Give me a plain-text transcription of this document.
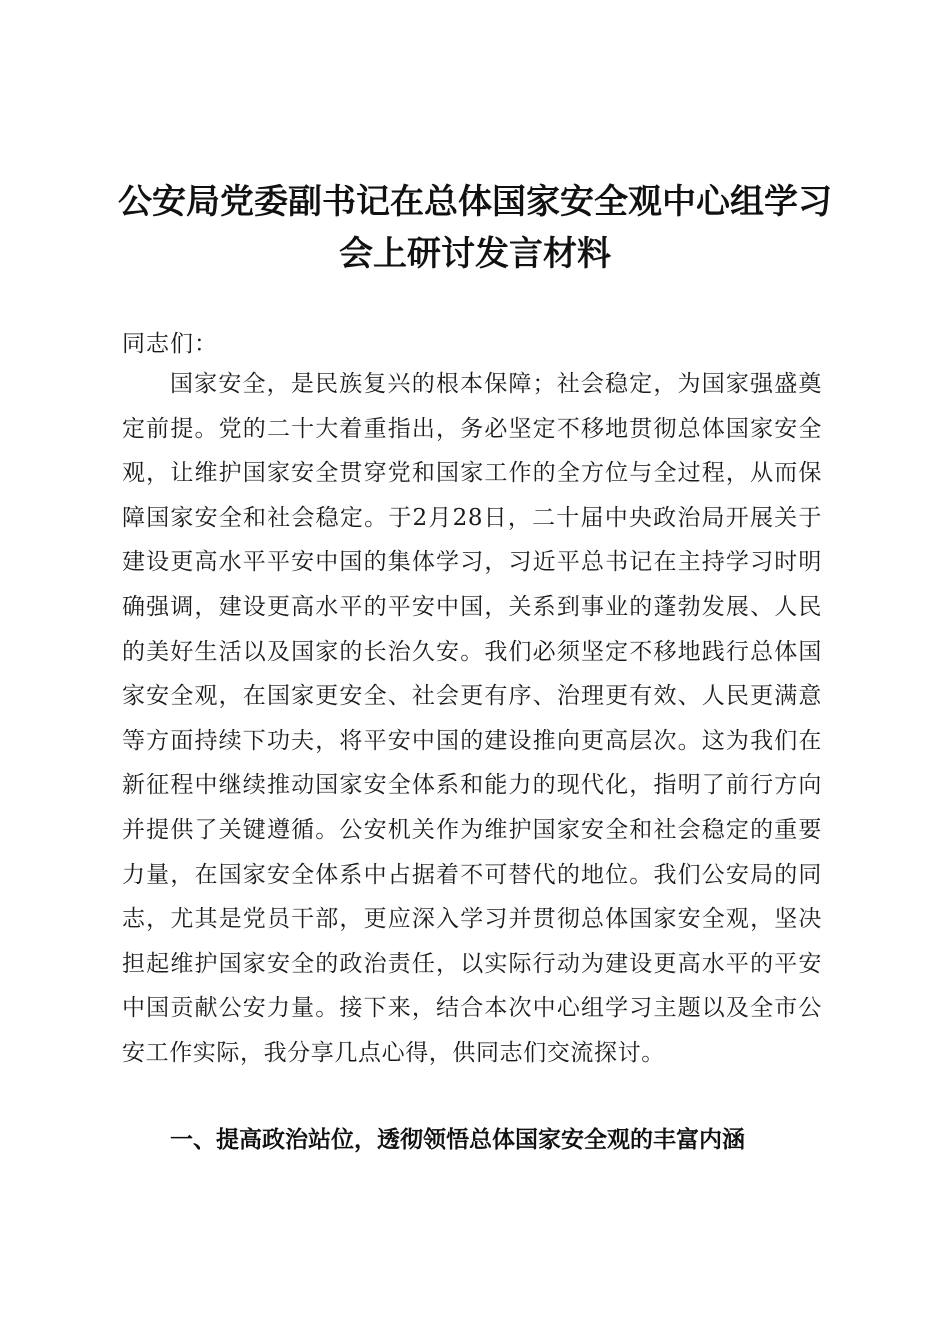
公安局党委副书记在总体国家安全观中心组学习会上研讨发言材料

同志们：

国家安全，是民族复兴的根本保障；社会稳定，为国家强盛奠定前提。党的二十大着重指出，务必坚定不移地贯彻总体国家安全观，让维护国家安全贯穿党和国家工作的全方位与全过程，从而保障国家安全和社会稳定。于2月28日，二十届中央政治局开展关于建设更高水平平安中国的集体学习，习近平总书记在主持学习时明确强调，建设更高水平的平安中国，关系到事业的蓬勃发展、人民的美好生活以及国家的长治久安。我们必须坚定不移地践行总体国家安全观，在国家更安全、社会更有序、治理更有效、人民更满意等方面持续下功夫，将平安中国的建设推向更高层次。这为我们在新征程中继续推动国家安全体系和能力的现代化，指明了前行方向并提供了关键遵循。公安机关作为维护国家安全和社会稳定的重要力量，在国家安全体系中占据着不可替代的地位。我们公安局的同志，尤其是党员干部，更应深入学习并贯彻总体国家安全观，坚决担起维护国家安全的政治责任，以实际行动为建设更高水平的平安中国贡献公安力量。接下来，结合本次中心组学习主题以及全市公安工作实际，我分享几点心得，供同志们交流探讨。

一、提高政治站位，透彻领悟总体国家安全观的丰富内涵
